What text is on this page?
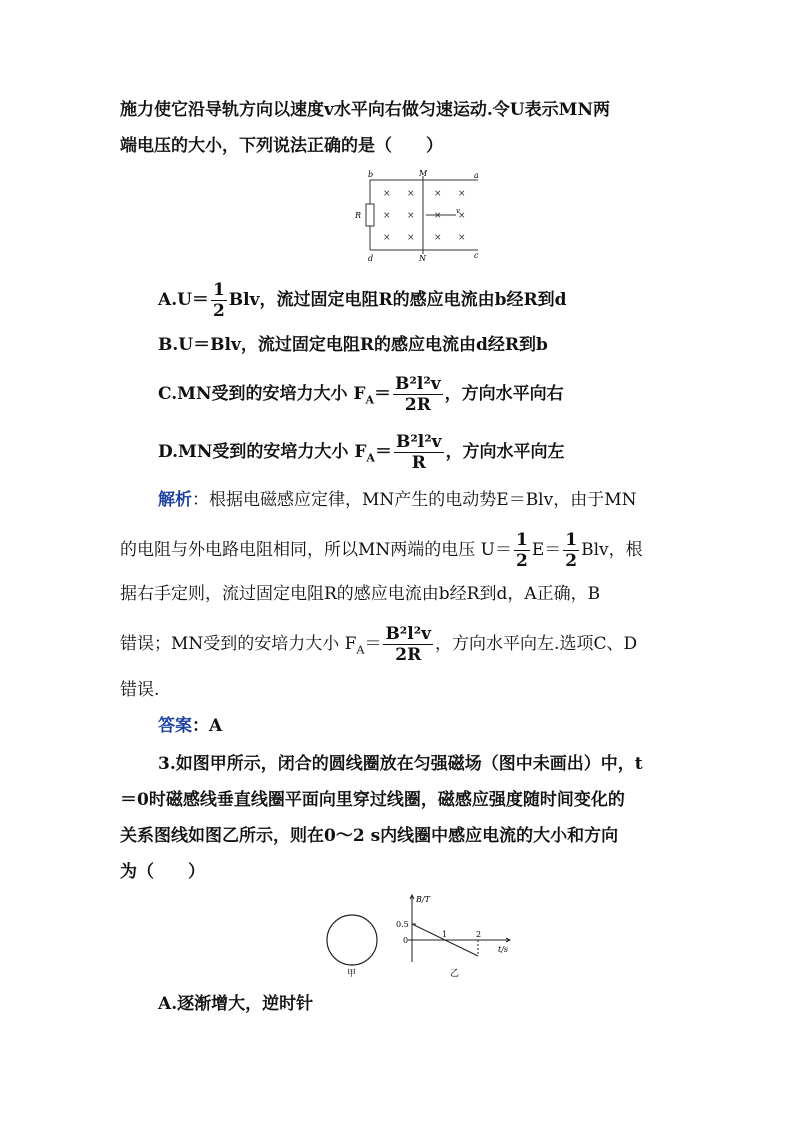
施力使它沿导轨方向以速度v水平向右做匀速运动.令U表示MN两
端电压的大小，下列说法正确的是（　　）
b	M	a
R	v
d	N	c
× × × ×
× × × ×
× × × ×
$A.U= \frac{1}{2}$ Blv，流过固定电阻R的感应电流由b经R到d
B.U＝Blv，流过固定电阻R的感应电流由d经R到b
C.MN受到的安培力大小 $F_A= \frac{\text{B²l²v}}{2R}$ ，方向水平向右
D.MN受到的安培力大小 $F_A= \frac{\text{B²l²v}}{R}$ ，方向水平向左
解析：根据电磁感应定律，MN产生的电动势E＝Blv，由于MN
的电阻与外电路电阻相同，所以MN两端的电压 $U= \frac{1}{2} E= \frac{1}{2}$ Blv，根
据右手定则，流过固定电阻R的感应电流由b经R到d，A正确，B
错误；MN受到的安培力大小 $F_A= \frac{\text{B²l²v}}{2R}$ ，方向水平向左.选项C、D
错误.
答案：A
3.如图甲所示，闭合的圆线圈放在匀强磁场（图中未画出）中，t
＝0时磁感线垂直线圈平面向里穿过线圈，磁感应强度随时间变化的
关系图线如图乙所示，则在0～2 s内线圈中感应电流的大小和方向
为（　　）
甲
B/T
0.5
0
1	2
t/s
乙
A.逐渐增大，逆时针
